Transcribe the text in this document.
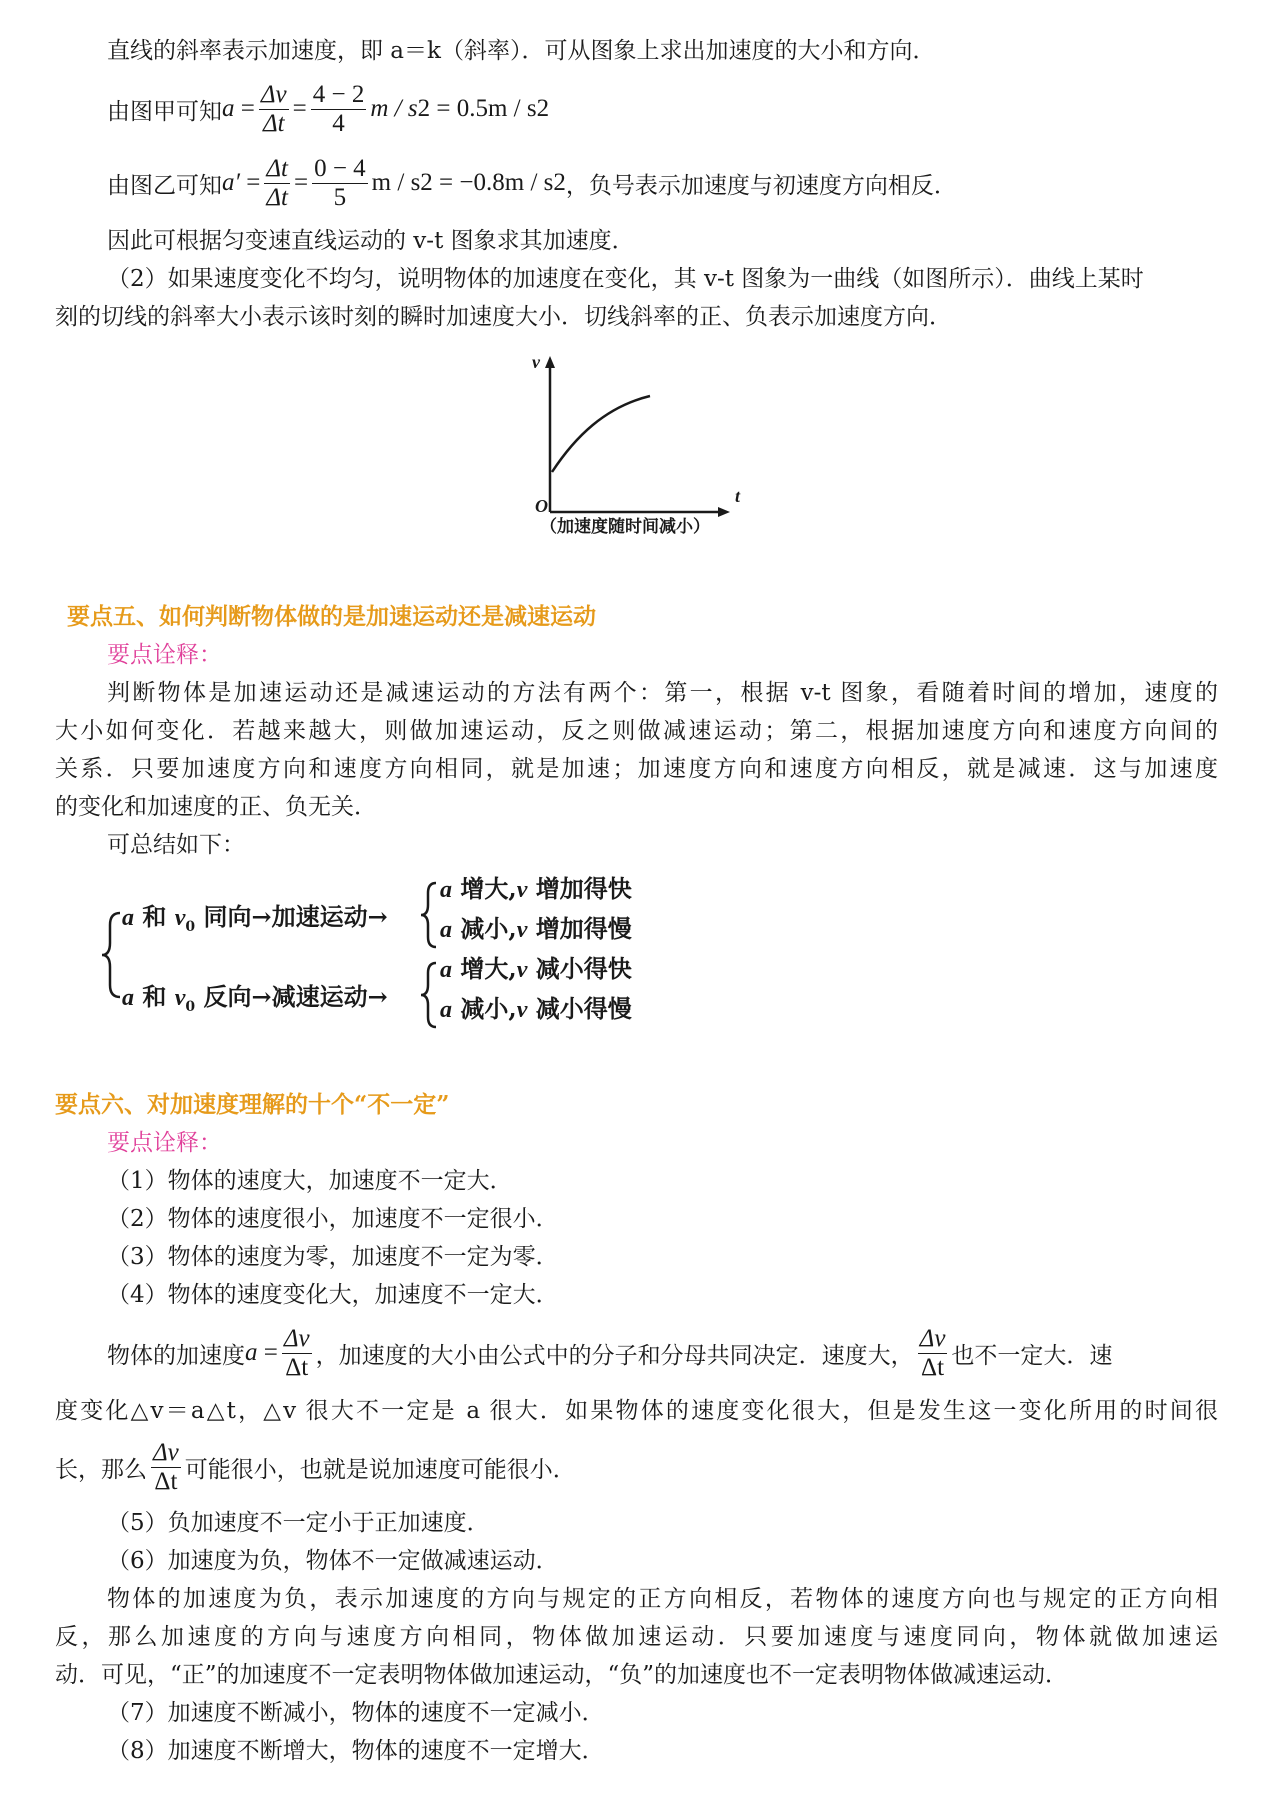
直线的斜率表示加速度，即 a＝k（斜率）．可从图象上求出加速度的大小和方向．
由图甲可知 $a = \frac{\Delta v}{\Delta t} = \frac{4 - 2}{4}$ m / s 2 = 0.5m / s 2
由图乙可知 $a' = \frac{\Delta t}{\Delta t} = \frac{0 - 4}{5}$ m / s 2 = −0.8m / s 2 ，负号表示加速度与初速度方向相反．
因此可根据匀变速直线运动的 v-t 图象求其加速度．
（2）如果速度变化不均匀，说明物体的加速度在变化，其 v-t 图象为一曲线（如图所示）．曲线上某时
刻的切线的斜率大小表示该时刻的瞬时加速度大小．切线斜率的正、负表示加速度方向．
v
t
O
（加速度随时间减小）
要点五、如何判断物体做的是加速运动还是减速运动
要点诠释：
判断物体是加速运动还是减速运动的方法有两个：第一，根据 v-t 图象，看随着时间的增加，速度的
大小如何变化．若越来越大，则做加速运动，反之则做减速运动；第二，根据加速度方向和速度方向间的
关系．只要加速度方向和速度方向相同，就是加速；加速度方向和速度方向相反，就是减速．这与加速度
的变化和加速度的正、负无关．
可总结如下：
a 和 $v_0$ 同向→加速运动→
a 和 $v_0$ 反向→减速运动→
a 增大,v 增加得快
a 减小,v 增加得慢
a 增大,v 减小得快
a 减小,v 减小得慢
要点六、对加速度理解的十个“不一定”
要点诠释：
（1）物体的速度大，加速度不一定大．
（2）物体的速度很小，加速度不一定很小．
（3）物体的速度为零，加速度不一定为零．
（4）物体的速度变化大，加速度不一定大．
物体的加速度 $a = \frac{\Delta v}{\Delta t}$ ，加速度的大小由公式中的分子和分母共同决定．速度大， $\frac{\Delta v}{\Delta t}$ 也不一定大．速
度变化△v＝a△t，△v 很大不一定是 a 很大．如果物体的速度变化很大，但是发生这一变化所用的时间很
长，那么 $\frac{\Delta v}{\Delta t}$ 可能很小，也就是说加速度可能很小．
（5）负加速度不一定小于正加速度．
（6）加速度为负，物体不一定做减速运动．
物体的加速度为负，表示加速度的方向与规定的正方向相反，若物体的速度方向也与规定的正方向相
反，那么加速度的方向与速度方向相同，物体做加速运动．只要加速度与速度同向，物体就做加速运
动．可见，“正”的加速度不一定表明物体做加速运动，“负”的加速度也不一定表明物体做减速运动．
（7）加速度不断减小，物体的速度不一定减小．
（8）加速度不断增大，物体的速度不一定增大．
